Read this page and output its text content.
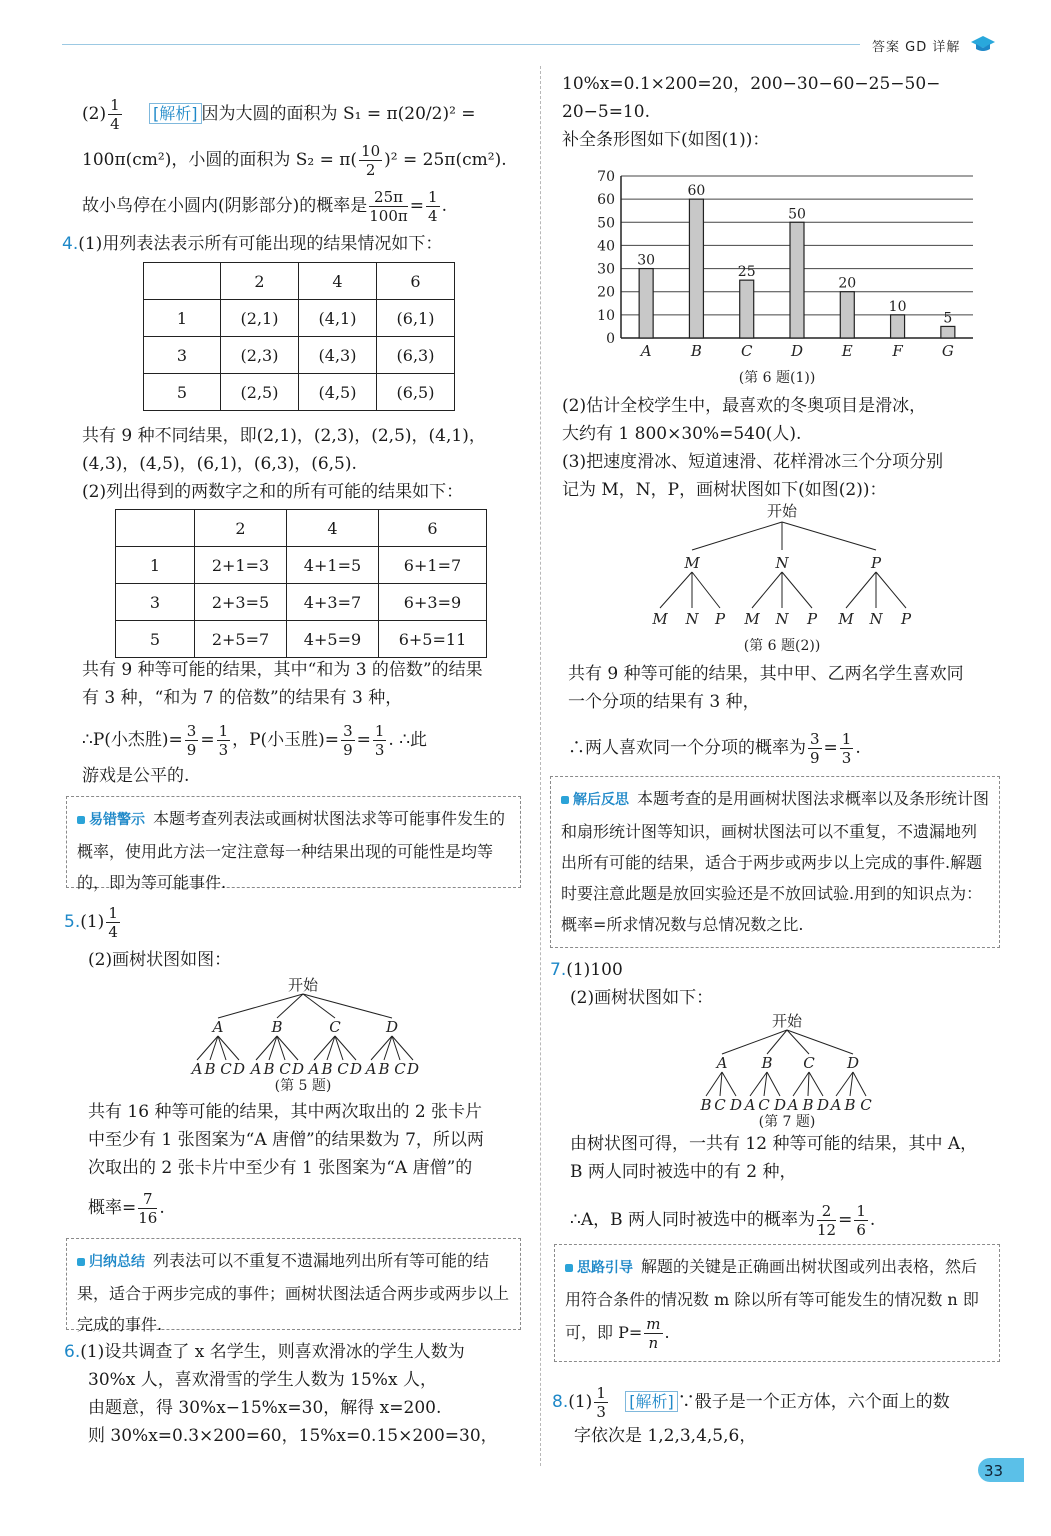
答案 GD 详解
$(2) \frac{1}{4}$ [解析] 因为大圆的面积为 S₁ = π(20/2)² =
100π(cm²)，小圆的面积为 $S_2 = \pi( \frac{10}{2} )^2 = 25\pi(cm^2)$.
故小鸟停在小圆内(阴影部分)的概率是 $\frac{25\pi}{100\pi} = \frac{1}{4}$ .
4.(1)用列表法表示所有可能出现的结果情况如下：
	2	4	6
1	(2,1)	(4,1)	(6,1)
3	(2,3)	(4,3)	(6,3)
5	(2,5)	(4,5)	(6,5)
共有 9 种不同结果，即(2,1)，(2,3)，(2,5)，(4,1)，
(4,3)，(4,5)，(6,1)，(6,3)，(6,5).
(2)列出得到的两数字之和的所有可能的结果如下：
	2	4	6
1	2+1=3	4+1=5	6+1=7
3	2+3=5	4+3=7	6+3=9
5	2+5=7	4+5=9	6+5=11
共有 9 种等可能的结果，其中“和为 3 的倍数”的结果
有 3 种，“和为 7 的倍数”的结果有 3 种，
∴P(小杰胜)= $\frac{3}{9} = \frac{1}{3}$ ，P(小玉胜)= $\frac{3}{9} = \frac{1}{3}$ . ∴此
游戏是公平的.
易错警示 本题考查列表法或画树状图法求等可能事件发生的概率，使用此方法一定注意每一种结果出现的可能性是均等的，即为等可能事件.
$5.(1) \frac{1}{4}$
(2)画树状图如图：
开始
A	B	C	D
A B C D A B C D A B C D A B C D
(第 5 题)
共有 16 种等可能的结果，其中两次取出的 2 张卡片
中至少有 1 张图案为“A 唐僧”的结果数为 7，所以两
次取出的 2 张卡片中至少有 1 张图案为“A 唐僧”的
概率= $\frac{7}{16}$ .
归纳总结 列表法可以不重复不遗漏地列出所有等可能的结果，适合于两步完成的事件；画树状图法适合两步或两步以上完成的事件.
6.(1)设共调查了 x 名学生，则喜欢滑冰的学生人数为
30%x 人，喜欢滑雪的学生人数为 15%x 人，
由题意，得 30%x−15%x=30，解得 x=200.
则 30%x=0.3×200=60，15%x=0.15×200=30，
10%x=0.1×200=20，200−30−60−25−50−
20−5=10.
补全条形图如下(如图(1))：
0
10
20
30
40
50
60
70
30
A
60
B
25
C
50
D
20
E
10
F
5
G
(第 6 题(1))
(2)估计全校学生中，最喜欢的冬奥项目是滑冰，
大约有 1 800×30%=540(人).
(3)把速度滑冰、短道速滑、花样滑冰三个分项分别
记为 M，N，P，画树状图如下(如图(2))：
开始
M	N	P
M N P M N P M N P
(第 6 题(2))
共有 9 种等可能的结果，其中甲、乙两名学生喜欢同
一个分项的结果有 3 种，
∴两人喜欢同一个分项的概率为 $\frac{3}{9} = \frac{1}{3}$ .
解后反思 本题考查的是用画树状图法求概率以及条形统计图和扇形统计图等知识，画树状图法可以不重复，不遗漏地列出所有可能的结果，适合于两步或两步以上完成的事件.解题时要注意此题是放回实验还是不放回试验.用到的知识点为：概率=所求情况数与总情况数之比.
7.(1)100
(2)画树状图如下：
开始
A B C D
B C D A C D A B D A B C
(第 7 题)
由树状图可得，一共有 12 种等可能的结果，其中 A，
B 两人同时被选中的有 2 种，
∴A，B 两人同时被选中的概率为 $\frac{2}{12} = \frac{1}{6}$ .
思路引导 解题的关键是正确画出树状图或列出表格，然后用符合条件的情况数 m 除以所有等可能发生的情况数 n 即可，即 $P= \frac{m}{n}$ .
$8.(1) \frac{1}{3}$ [解析] ∵骰子是一个正方体，六个面上的数
字依次是 1,2,3,4,5,6，
33
